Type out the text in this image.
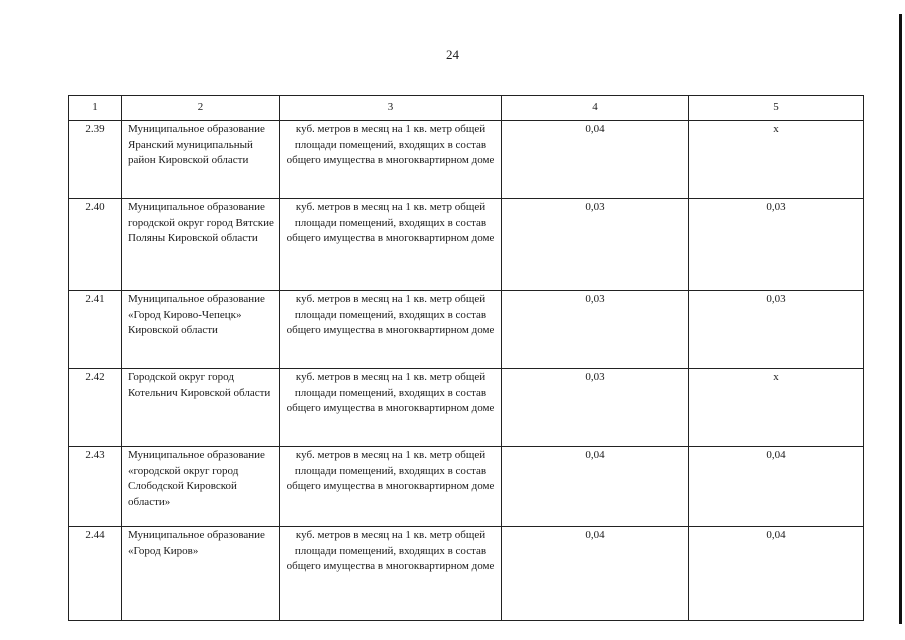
24
1	2	3	4	5
2.39	Муниципальное образование Яранский муниципальный район Кировской области	куб. метров в месяц на 1 кв. метр общей площади помещений, входящих в состав общего имущества в многоквартирном доме	0,04	х
2.40	Муниципальное образование городской округ город Вятские Поляны Кировской области	куб. метров в месяц на 1 кв. метр общей площади помещений, входящих в состав общего имущества в многоквартирном доме	0,03	0,03
2.41	Муниципальное образование «Город Кирово-Чепецк» Кировской области	куб. метров в месяц на 1 кв. метр общей площади помещений, входящих в состав общего имущества в многоквартирном доме	0,03	0,03
2.42	Городской округ город Котельнич Кировской области	куб. метров в месяц на 1 кв. метр общей площади помещений, входящих в состав общего имущества в многоквартирном доме	0,03	х
2.43	Муниципальное образование «городской округ город Слободской Кировской области»	куб. метров в месяц на 1 кв. метр общей площади помещений, входящих в состав общего имущества в многоквартирном доме	0,04	0,04
2.44	Муниципальное образование «Город Киров»	куб. метров в месяц на 1 кв. метр общей площади помещений, входящих в состав общего имущества в многоквартирном доме	0,04	0,04
